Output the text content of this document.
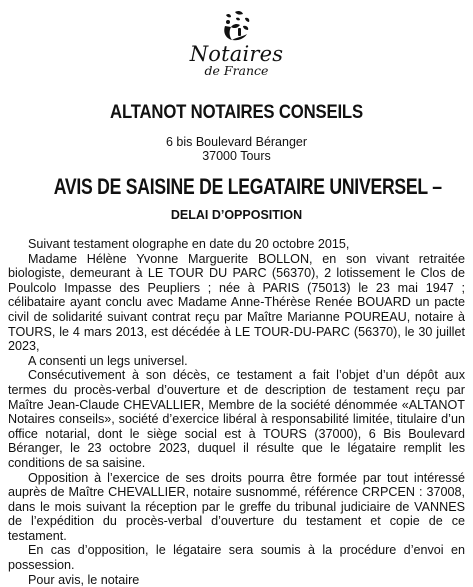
Notaires
de France
ALTANOT NOTAIRES CONSEILS
6 bis Boulevard Béranger
37000 Tours
AVIS DE SAISINE DE LEGATAIRE UNIVERSEL –
DELAI D’OPPOSITION

Suivant testament olographe en date du 20 octobre 2015,

Madame Hélène Yvonne Marguerite BOLLON, en son vivant retraitée biologiste, demeurant à LE TOUR DU PARC (56370), 2 lotissement le Clos de Poulcolo Impasse des Peupliers ; née à PARIS (75013) le 23 mai 1947 ; célibataire ayant conclu avec Madame Anne-Thérèse Renée BOUARD un pacte civil de solidarité suivant contrat reçu par Maître Marianne POUREAU, notaire à TOURS, le 4 mars 2013, est décédée à LE TOUR-DU-PARC (56370), le 30 juillet 2023,

A consenti un legs universel.

Consécutivement à son décès, ce testament a fait l’objet d’un dépôt aux termes du procès-verbal d’ouverture et de description de testament reçu par Maître Jean-Claude CHEVALLIER, Membre de la société dénommée «ALTANOT Notaires conseils», société d’exercice libéral à responsabilité limitée, titulaire d’un office notarial, dont le siège social est à TOURS (37000), 6 Bis Boulevard Béranger, le 23 octobre 2023, duquel il résulte que le légataire remplit les conditions de sa saisine.

Opposition à l’exercice de ses droits pourra être formée par tout intéressé auprès de Maître CHEVALLIER, notaire susnommé, référence CRPCEN : 37008, dans le mois suivant la réception par le greffe du tribunal judiciaire de VANNES de l’expédition du procès-verbal d’ouverture du testament et copie de ce testament.

En cas d’opposition, le légataire sera soumis à la procédure d’envoi en possession.

Pour avis, le notaire
